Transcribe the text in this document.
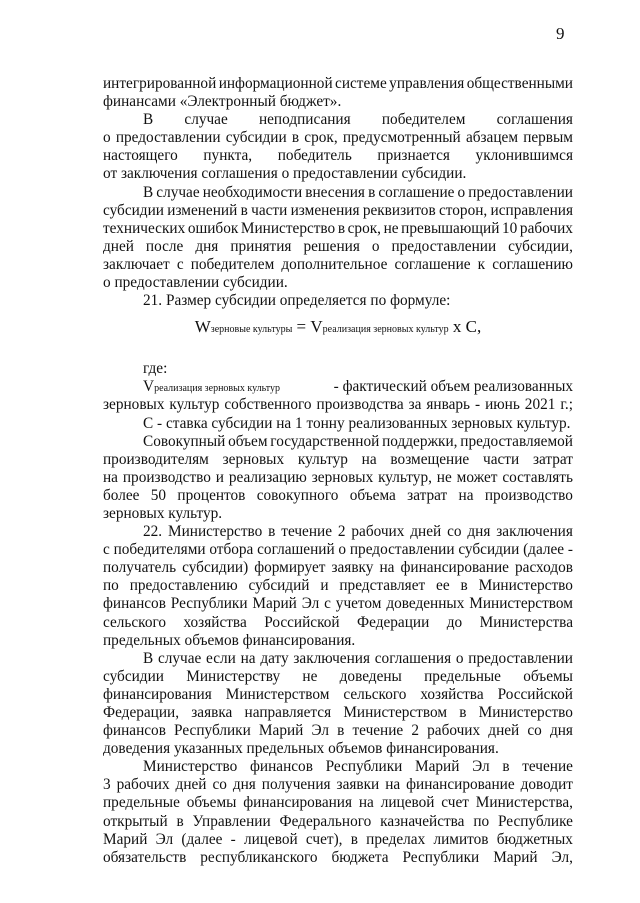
9
интегрированной информационной системе управления общественными
финансами «Электронный бюджет».
В случае неподписания победителем соглашения
о предоставлении субсидии в срок, предусмотренный абзацем первым
настоящего пункта, победитель признается уклонившимся
от заключения соглашения о предоставлении субсидии.
В случае необходимости внесения в соглашение о предоставлении
субсидии изменений в части изменения реквизитов сторон, исправления
технических ошибок Министерство в срок, не превышающий 10 рабочих
дней после дня принятия решения о предоставлении субсидии,
заключает с победителем дополнительное соглашение к соглашению
о предоставлении субсидии.
21. Размер субсидии определяется по формуле:
W зерновые культуры = V реализация зерновых культур х С,
где:
Vреализация зерновых культур	- фактический объем реализованных
зерновых культур собственного производства за январь - июнь 2021 г.;
С - ставка субсидии на 1 тонну реализованных зерновых культур.
Совокупный объем государственной поддержки, предоставляемой
производителям зерновых культур на возмещение части затрат
на производство и реализацию зерновых культур, не может составлять
более 50 процентов совокупного объема затрат на производство
зерновых культур.
22. Министерство в течение 2 рабочих дней со дня заключения
с победителями отбора соглашений о предоставлении субсидии (далее -
получатель субсидии) формирует заявку на финансирование расходов
по предоставлению субсидий и представляет ее в Министерство
финансов Республики Марий Эл с учетом доведенных Министерством
сельского хозяйства Российской Федерации до Министерства
предельных объемов финансирования.
В случае если на дату заключения соглашения о предоставлении
субсидии Министерству не доведены предельные объемы
финансирования Министерством сельского хозяйства Российской
Федерации, заявка направляется Министерством в Министерство
финансов Республики Марий Эл в течение 2 рабочих дней со дня
доведения указанных предельных объемов финансирования.
Министерство финансов Республики Марий Эл в течение
3 рабочих дней со дня получения заявки на финансирование доводит
предельные объемы финансирования на лицевой счет Министерства,
открытый в Управлении Федерального казначейства по Республике
Марий Эл (далее - лицевой счет), в пределах лимитов бюджетных
обязательств республиканского бюджета Республики Марий Эл,
